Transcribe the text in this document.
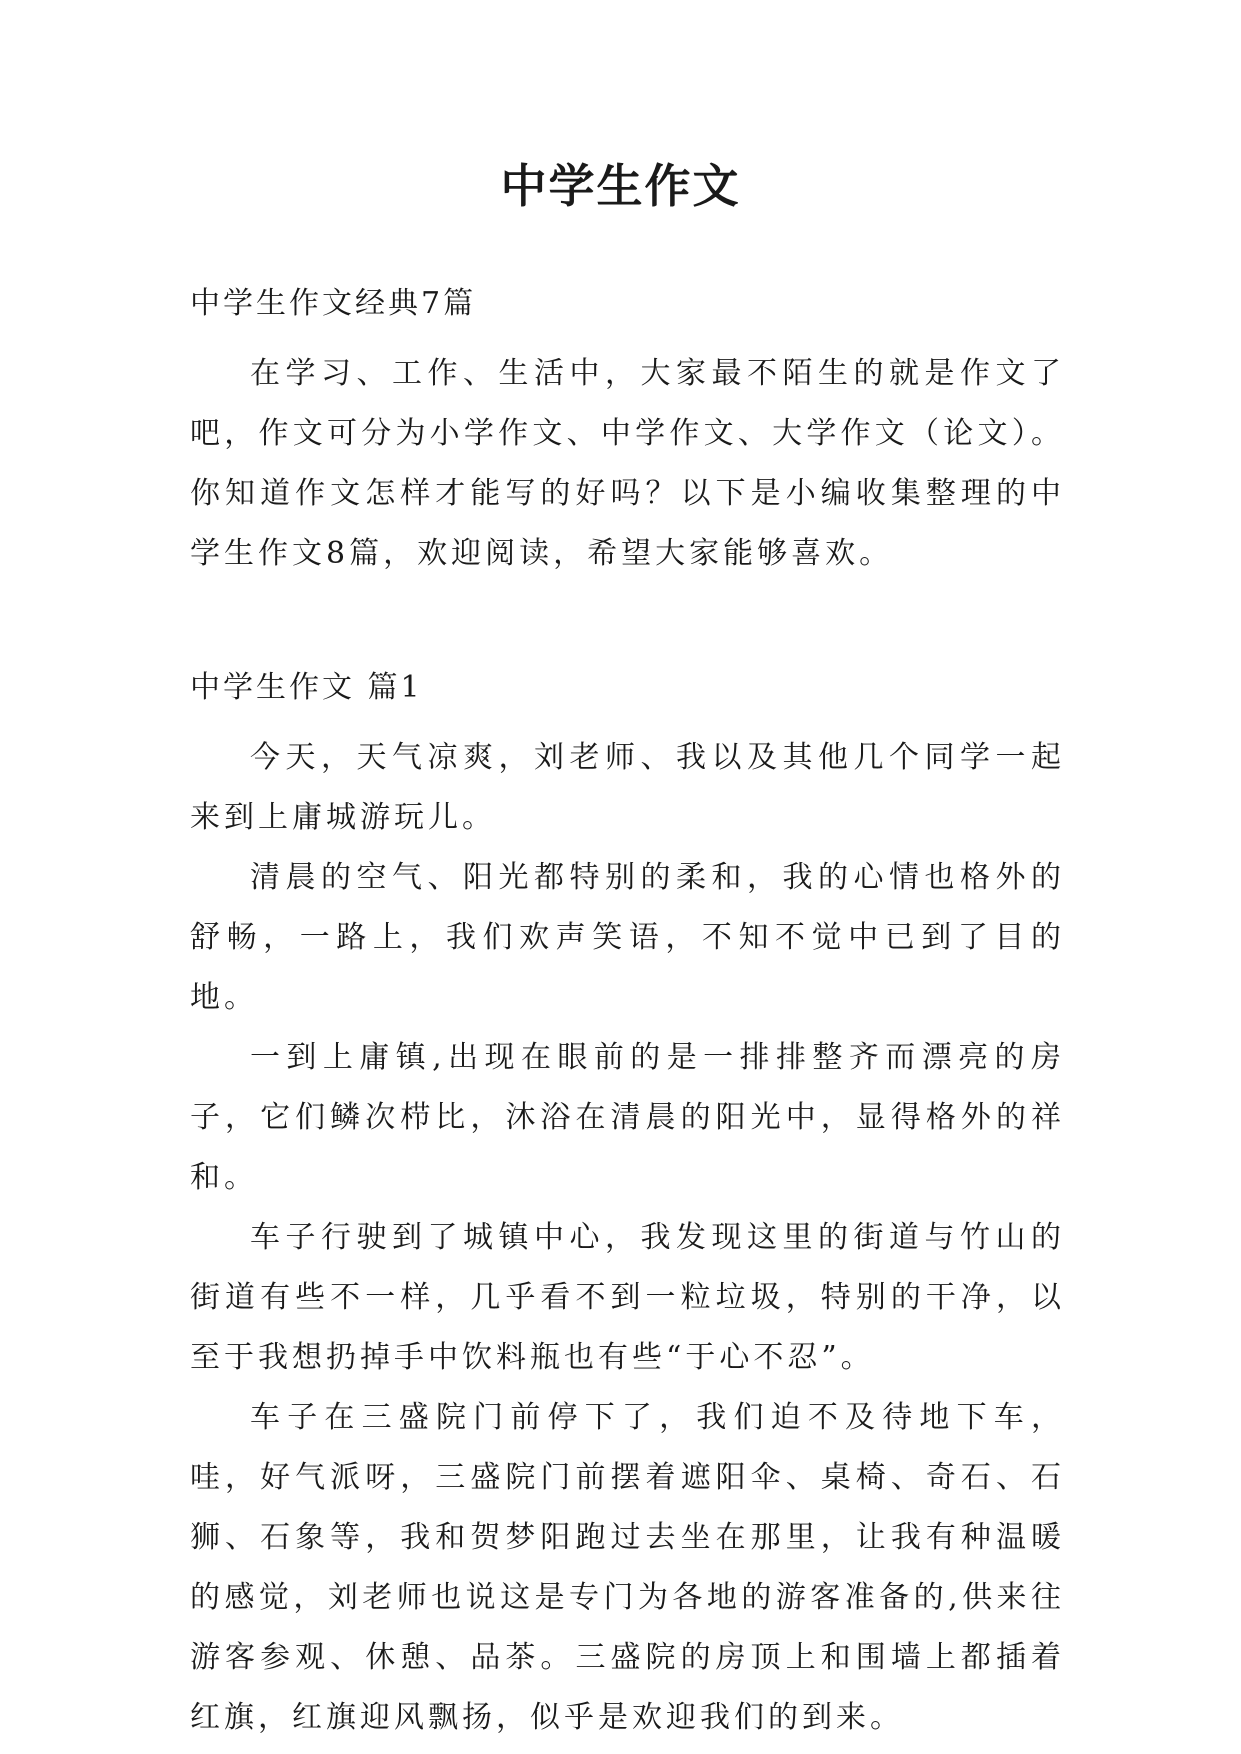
中学生作文

中学生作文经典7篇

在学习、工作、生活中，大家最不陌生的就是作文了吧，作文可分为小学作文、中学作文、大学作文（论文）。你知道作文怎样才能写的好吗？以下是小编收集整理的中学生作文8篇，欢迎阅读，希望大家能够喜欢。

中学生作文 篇1

今天，天气凉爽，刘老师、我以及其他几个同学一起来到上庸城游玩儿。

清晨的空气、阳光都特别的柔和，我的心情也格外的舒畅，一路上，我们欢声笑语，不知不觉中已到了目的地。

一到上庸镇,出现在眼前的是一排排整齐而漂亮的房子，它们鳞次栉比，沐浴在清晨的阳光中，显得格外的祥和。

车子行驶到了城镇中心，我发现这里的街道与竹山的街道有些不一样，几乎看不到一粒垃圾，特别的干净，以至于我想扔掉手中饮料瓶也有些“于心不忍”。

车子在三盛院门前停下了，我们迫不及待地下车，哇，好气派呀，三盛院门前摆着遮阳伞、桌椅、奇石、石狮、石象等，我和贺梦阳跑过去坐在那里，让我有种温暖的感觉，刘老师也说这是专门为各地的游客准备的,供来往游客参观、休憩、品茶。三盛院的房顶上和围墙上都插着红旗，红旗迎风飘扬，似乎是欢迎我们的到来。
